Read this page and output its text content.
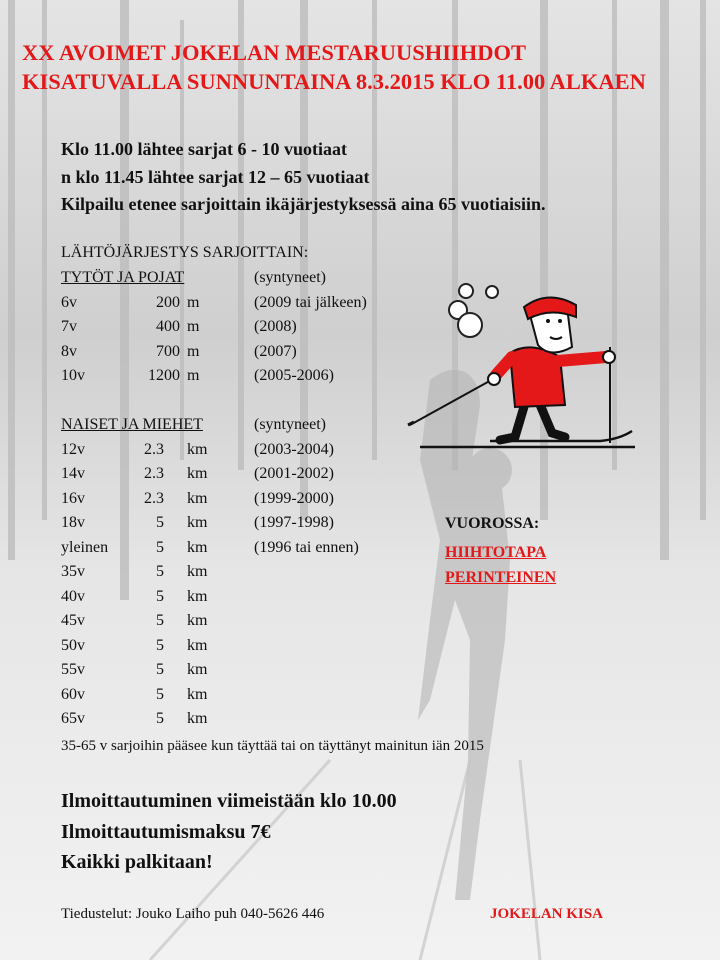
XX AVOIMET JOKELAN MESTARUUSHIIHDOT
KISATUVALLA SUNNUNTAINA 8.3.2015 KLO 11.00 ALKAEN
Klo 11.00 lähtee sarjat 6 - 10 vuotiaat
n klo 11.45 lähtee sarjat 12 – 65 vuotiaat
Kilpailu etenee sarjoittain ikäjärjestyksessä aina 65 vuotiaisiin.
LÄHTÖJÄRJESTYS SARJOITTAIN:
TYTÖT JA POJAT	(syntyneet)
6v	200 m	(2009 tai jälkeen)
7v	400 m	(2008)
8v	700 m	(2007)
10v	1200 m	(2005-2006)
NAISET JA MIEHET	(syntyneet)
12v	2.3 km	(2003-2004)
14v	2.3 km	(2001-2002)
16v	2.3 km	(1999-2000)
18v	5 km	(1997-1998)
yleinen	5 km	(1996 tai ennen)
35v	5 km
40v	5 km
45v	5 km
50v	5 km
55v	5 km
60v	5 km
65v	5 km
35-65 v sarjoihin pääsee kun täyttää tai on täyttänyt mainitun iän 2015
VUOROSSA:
HIIHTOTAPA
PERINTEINEN
Ilmoittautuminen viimeistään klo 10.00
Ilmoittautumismaksu 7€
Kaikki palkitaan!
Tiedustelut: Jouko Laiho puh 040-5626 446	JOKELAN KISA
